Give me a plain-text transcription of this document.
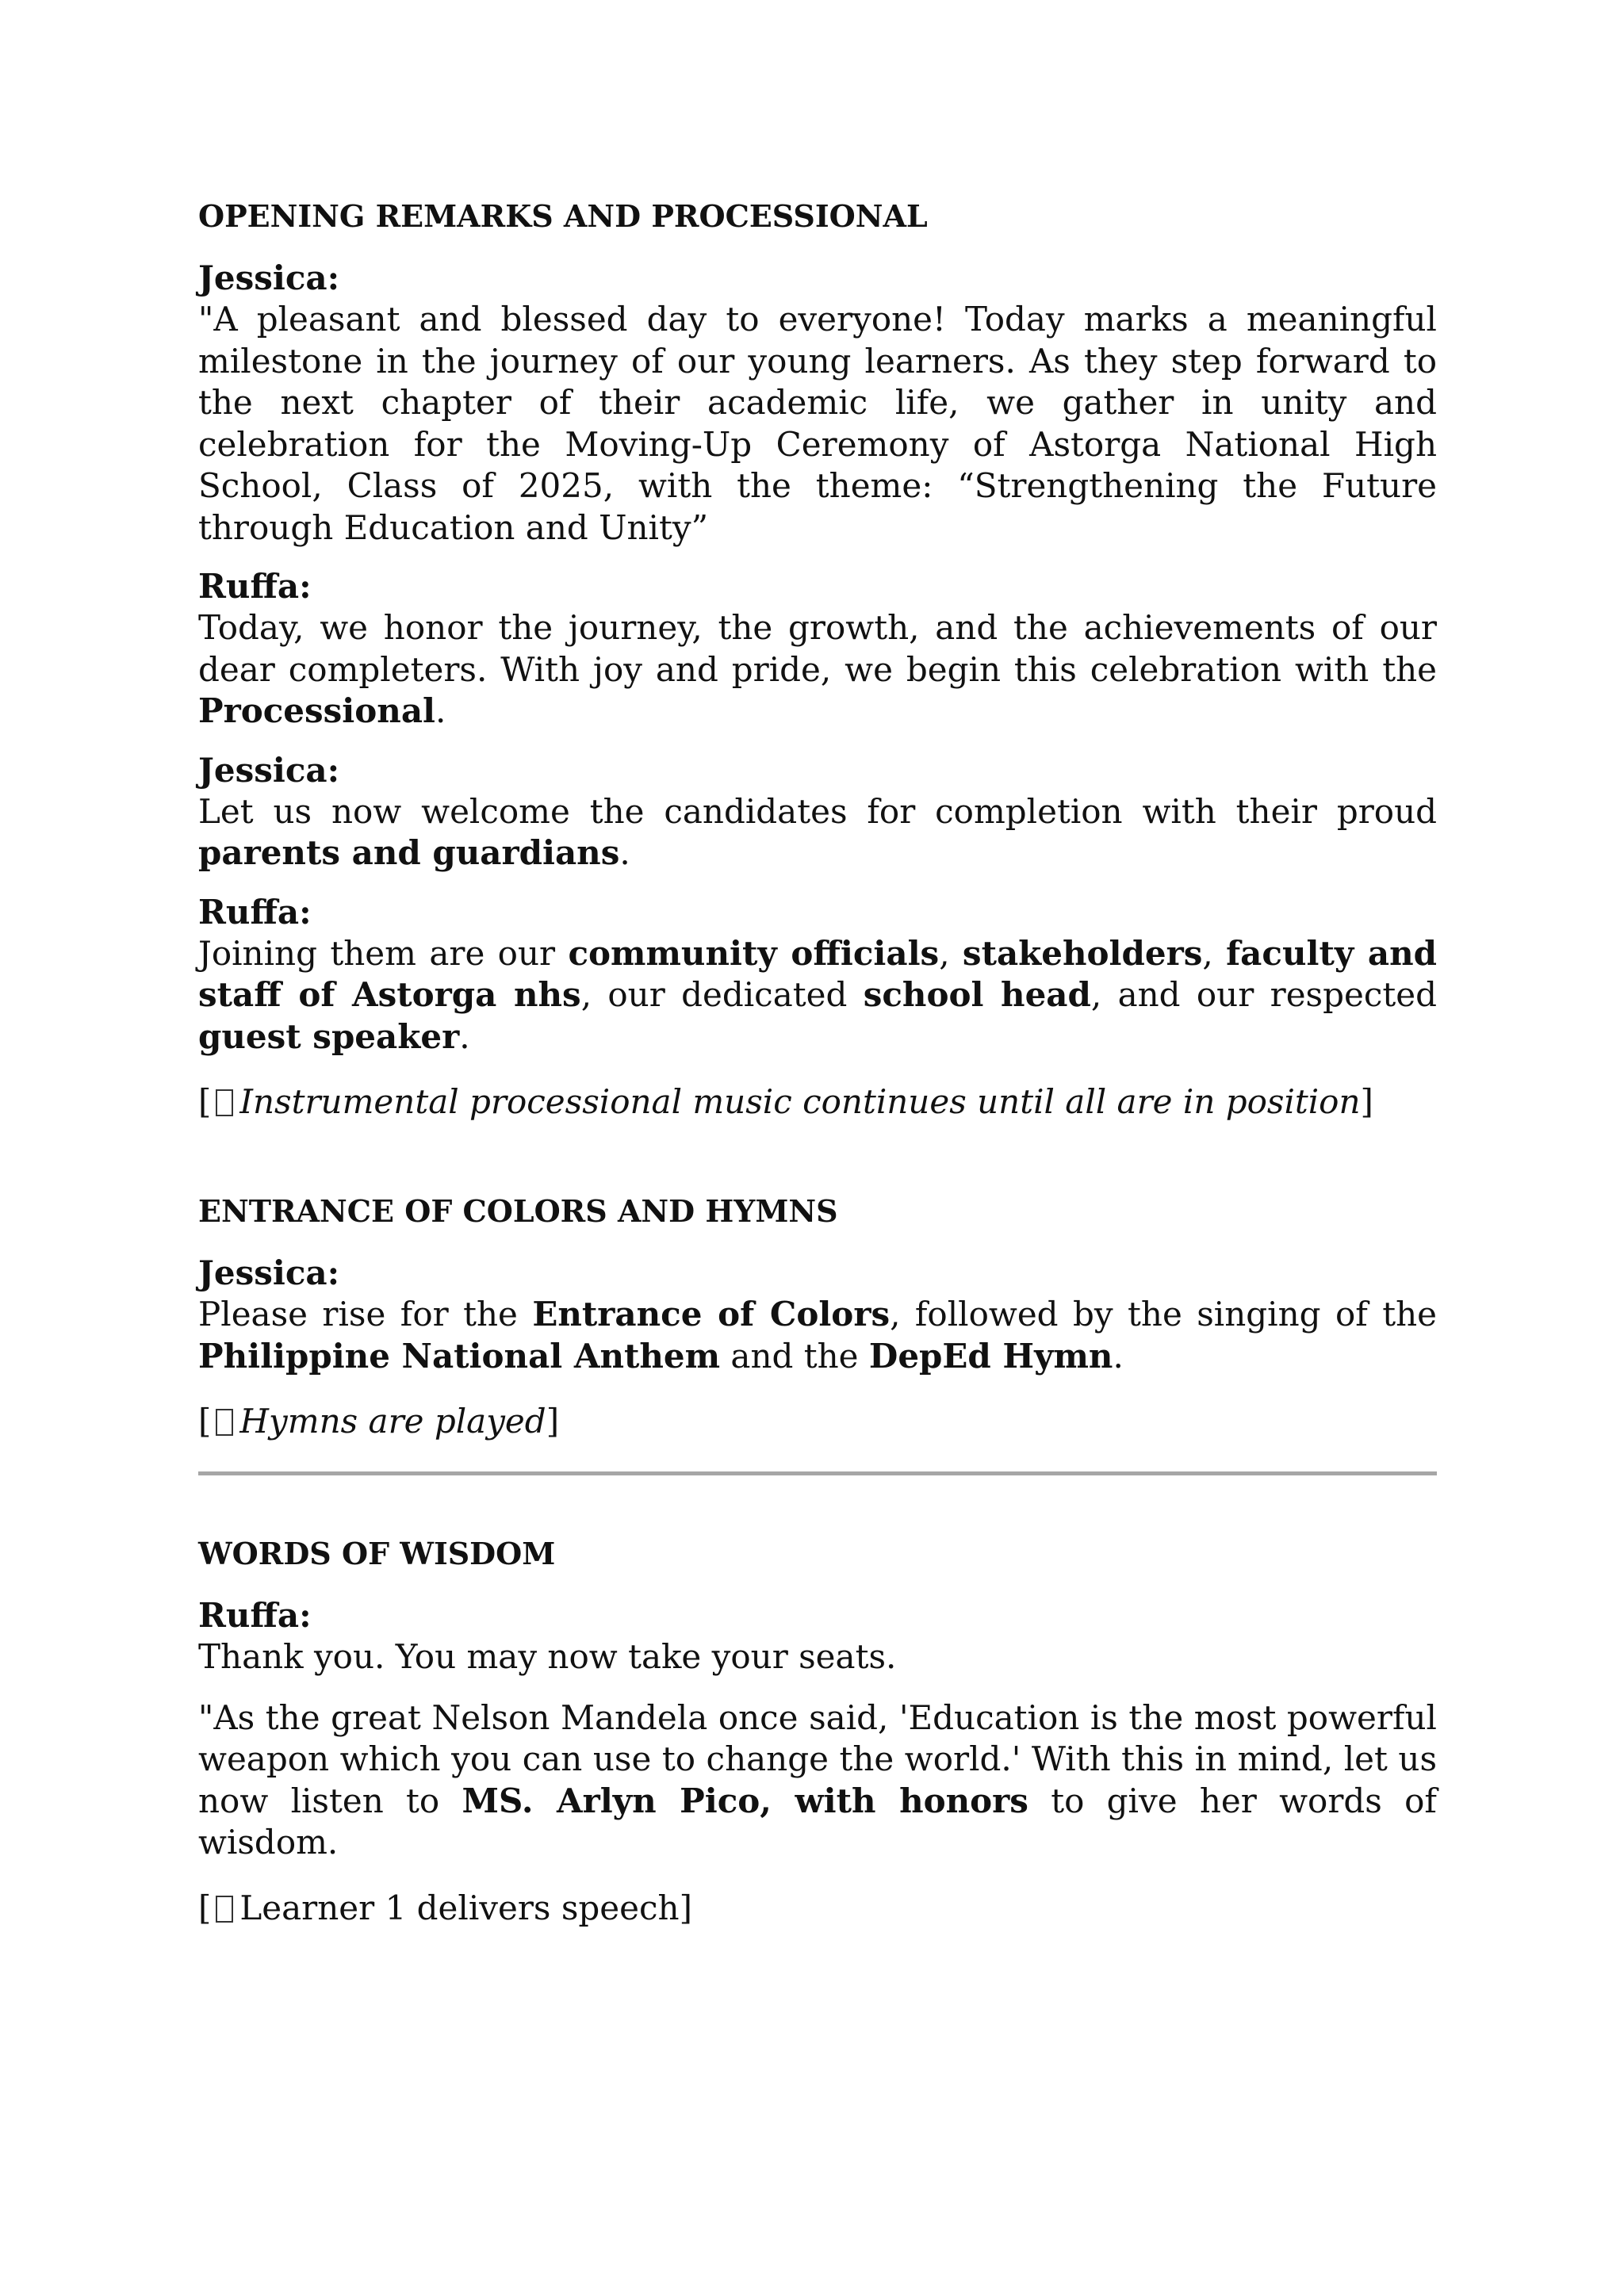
OPENING REMARKS AND PROCESSIONAL

Jessica:

"A pleasant and blessed day to everyone! Today marks a meaningful milestone in the journey of our young learners. As they step forward to the next chapter of their academic life, we gather in unity and celebration for the Moving-Up Ceremony of Astorga National High School, Class of 2025, with the theme: “Strengthening the Future through Education and Unity”

Ruffa:

Today, we honor the journey, the growth, and the achievements of our dear completers. With joy and pride, we begin this celebration with the Processional.

Jessica:

Let us now welcome the candidates for completion with their proud parents and guardians.

Ruffa:

Joining them are our community officials, stakeholders, faculty and staff of Astorga nhs, our dedicated school head, and our respected guest speaker.

[ Instrumental processional music continues until all are in position]

ENTRANCE OF COLORS AND HYMNS

Jessica:

Please rise for the Entrance of Colors, followed by the singing of the Philippine National Anthem and the DepEd Hymn.

[ Hymns are played]

WORDS OF WISDOM

Ruffa:

Thank you. You may now take your seats.

"As the great Nelson Mandela once said, 'Education is the most powerful weapon which you can use to change the world.' With this in mind, let us now listen to MS. Arlyn Pico, with honors to give her words of wisdom.

[ Learner 1 delivers speech]
